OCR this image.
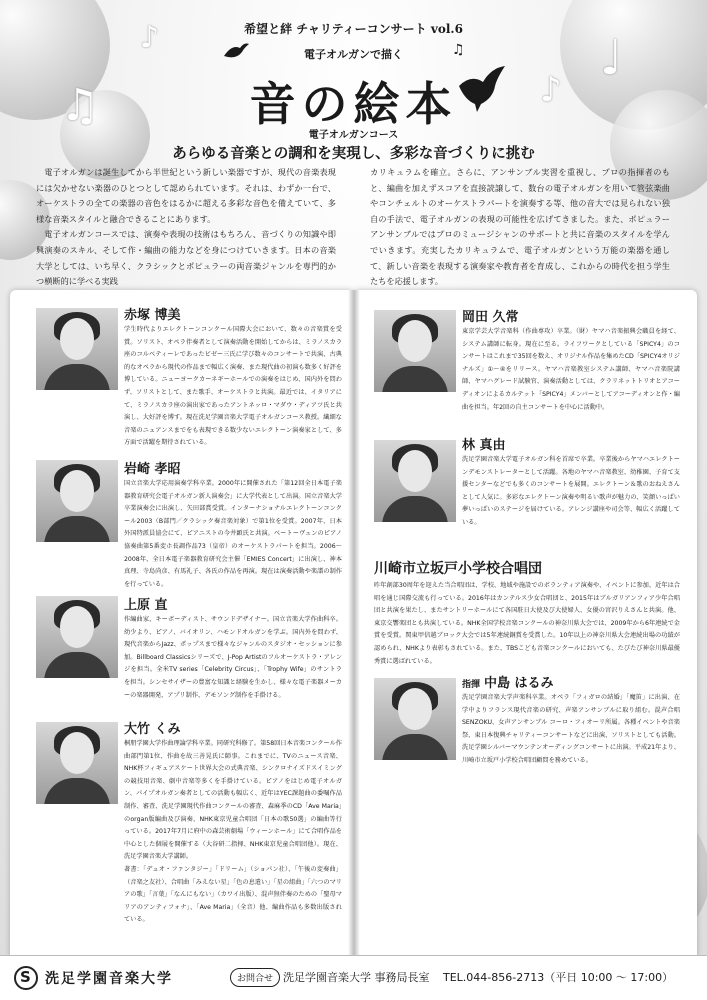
♪
♫
♩
♪
♫
希望と絆 チャリティーコンサート vol.6
電子オルガンで描く
音の絵本
電子オルガンコース
あらゆる音楽との調和を実現し、多彩な音づくりに挑む
　電子オルガンは誕生してから半世紀という新しい楽器ですが、現代の音楽表現には欠かせない楽器のひとつとして認められています。それは、わずか一台で、オーケストラの全ての楽器の音色をはるかに超える多彩な音色を備えていて、多様な音楽スタイルと融合できることにあります。
　電子オルガンコースでは、演奏や表現の技術はもちろん、音づくりの知識や即興演奏のスキル、そして作・編曲の能力などを身につけていきます。日本の音楽大学としては、いち早く、クラシックとポピュラーの両音楽ジャンルを専門的かつ横断的に学べる実践
カリキュラムを確立。さらに、アンサンブル実習を重視し、プロの指揮者のもと、編曲を加えずスコアを直接読譲して、数台の電子オルガンを用いて管弦楽曲やコンチェルトのオーケストラパートを演奏する等、他の音大では見られない独自の手法で、電子オルガンの表現の可能性を広げてきました。また、ポピュラーアンサンブルではプロのミュージシャンのサポートと共に音楽のスタイルを学んでいきます。充実したカリキュラムで、電子オルガンという万能の楽器を通して、新しい音楽を表現する演奏家や教育者を育成し、これからの時代を担う学生たちを応援します。
赤塚 博美
学生時代よりエレクトーンコンクール国際大会において、数々の音楽賞を受賞。ソリスト、オペラ伴奏者として演奏活動を開始してからは、ミラノスカラ座のコルベティーレであったビゼー三氏に学び数々のコンサートで共演、古典的なオペラから現代の作品まで幅広く演奏、また現代曲の初演も数多く好評を博している。ニューヨークカーネギーホールでの演奏をはじめ、国内外を問わず、ソリストとして、また歌手、オーケストラと共演。最近では、イタリアにて、ミラノスカラ座の演出家であったアントネッロ・マダウ・ディアツ氏と共演し、大好評を博す。現在洗足学園音楽大学電子オルガンコース教授。繊細な音楽のニュアンスまでをも表現できる数少ないエレクトーン演奏家として、多方面で活躍を期待されている。
岩崎 孝昭
国立音楽大学応用演奏学科卒業。2000年に開催された「第12回全日本電子楽器教育研究会電子オルガン新人演奏会」に大学代表として出演。国立音楽大学卒業演奏会に出演し、矢田部賞受賞。インターナショナルエレクトーンコンクール2003（B部門／クラシック奏音楽対象）で第1位を受賞。2007年、日本外国特派員協会にて、ピアニストの今井顕氏と共演。ベートーヴェンのピアノ協奏曲第5番変ホ長調作品73（皇帝）のオーケストラパートを担当。2006〜2008年、全日本電子楽器教育研究会主催「EMIES Concert」に出演し、神本真理、寺島尚彦、有馬礼子、各氏の作品を再演。現在は演奏活動や楽譜の制作を行っている。
上原 直
作編曲家、キーボーディスト、サウンドデザイナー。国立音楽大学作曲科卒。幼少より、ピアノ、バイオリン、ハモンドオルガンを学ぶ。国内外を問わず、現代音楽からJazz、ポップスまで様々なジャンルのスタジオ・セッションに参加。Billboard Classicsシリーズで、J-Pop Artistのフルオーケストラ・アレンジを担当。全米TV series「Celebrity Circus」、「Trophy Wife」のサントラを担当。シンセサイザーの豊富な知識と経験を生かし、様々な電子楽器メーカーの楽器開発、アプリ制作、デモソング制作を手掛ける。
大竹 くみ
桐朋学園大学作曲理論学科卒業。同研究科修了。第58回日本音楽コンクール作曲部門第1位、作曲を故三善晃氏に師事。これまでに、TVのニュース音楽、NHK杯フィギュアスケート世界大会の式典音楽、シンクロナイズドスイミングの競技用音楽、劇中音楽等多くを手掛けている。ピアノをはじめ電子オルガン、パイプオルガン奏者としての活動も幅広く、近年はYEC課題曲の委嘱作品制作、審査、洗足学園現代作曲コンクールの審査、森麻季のCD「Ave Maria」のorgan版編曲及び演奏、NHK東京児童合唱団「日本の歌50選」の編曲等行っている。2017年7月に府中の森芸術劇場「ウィーンホール」にて合唱作品を中心とした個展を開催する（大谷研二指揮、NHK東京児童合唱団他）。現在、洗足学園音楽大学講師。
著書：「デュオ・ファンタジー」「ドリーム」（ショパン社）、「午後の変奏曲」（音楽之友社）、合唱曲「みえない星」「色の息遣い」「星の組曲」「六つのマリアの歌」「言葉」「なんにもない」（カワイ出版）、混声無伴奏のための「聖母マリアのアンティフォナ」、「Ave Maria」（全音）他、編曲作品も多数出版されている。
岡田 久常
東京学芸大学音楽科（作曲専攻）卒業。（財）ヤマハ音楽振興会職員を経て、システム講師に転身。現在に至る。ライフワークとしている「SPICY4」のコンサートはこれまで35回を数え、オリジナル作品を集めたCD「SPICY4オリジナルズ」①〜④をリリース。ヤマハ音楽教室システム講師、ヤマハ音楽院講師、ヤマハグレード試験官、演奏活動としては、クラリネットトリオとアコーディオンによるカルテット「SPICY4」メンバーとしてアコーディオンと作・編曲を担当。年2回の自主コンサートを中心に活動中。
林 真由
洗足学園音楽大学電子オルガン科を首席で卒業。卒業後からヤマハエレクトーンデモンストレーターとして活躍。各地のヤマハ音楽教室、幼稚園、子育て支援センターなどでも多くのコンサートを展開。エレクトーン＆歌のおねえさんとして人気に。多彩なエレクトーン演奏や明るい歌声が魅力の、笑顔いっぱい夢いっぱいのステージを届けている。アレンジ講座や司会等、幅広く活躍している。
川崎市立坂戸小学校合唱団
昨年創部30周年を迎えた当合唱団は、学校、地域や施設でのボランティア演奏や、イベントに参加、近年は合唱を通じ国際交流も行っている。2016年はカンテルス少女合唱団と、2015年はブルガリアンフィア少年合唱団と共演を果たし、またサントリーホールにて各国駐日大使及び大使婦人、女優の宮沢りえさんと共演。他、東京交響楽団とも共演している。NHK全国学校音楽コンクールの神奈川県大会では、2009年から6年連続で金賞を受賞。関東甲信越ブロック大会では5年連続銅賞を受賞した。10年以上の神奈川県大会連続出場の功績が認められ、NHKより表彰もされている。また、TBSこども音楽コンクールにおいても、たびたび神奈川県最優秀賞に選ばれている。
指揮 中島 はるみ
洗足学園音楽大学声楽科卒業。オペラ「フィガロの結婚」「魔笛」に出演、在学中よりフランス現代音楽の研究、声楽アンサンブルに取り組む。混声合唱SENZOKU、女声アンサンブル コーロ・フィオーリ所属。各種イベントや音楽祭、東日本復興チャリティーコンサートなどに出演、ソリストとしても活動。洗足学園シルバーマウンテンオーディングコンサートに出演。平成21年より、川崎市立坂戸小学校合唱団顧問を務めている。
S 洗足学園音楽大学	お問合せ 洗足学園音楽大学 事務局長室 TEL.044-856-2713（平日 10:00 〜 17:00）
